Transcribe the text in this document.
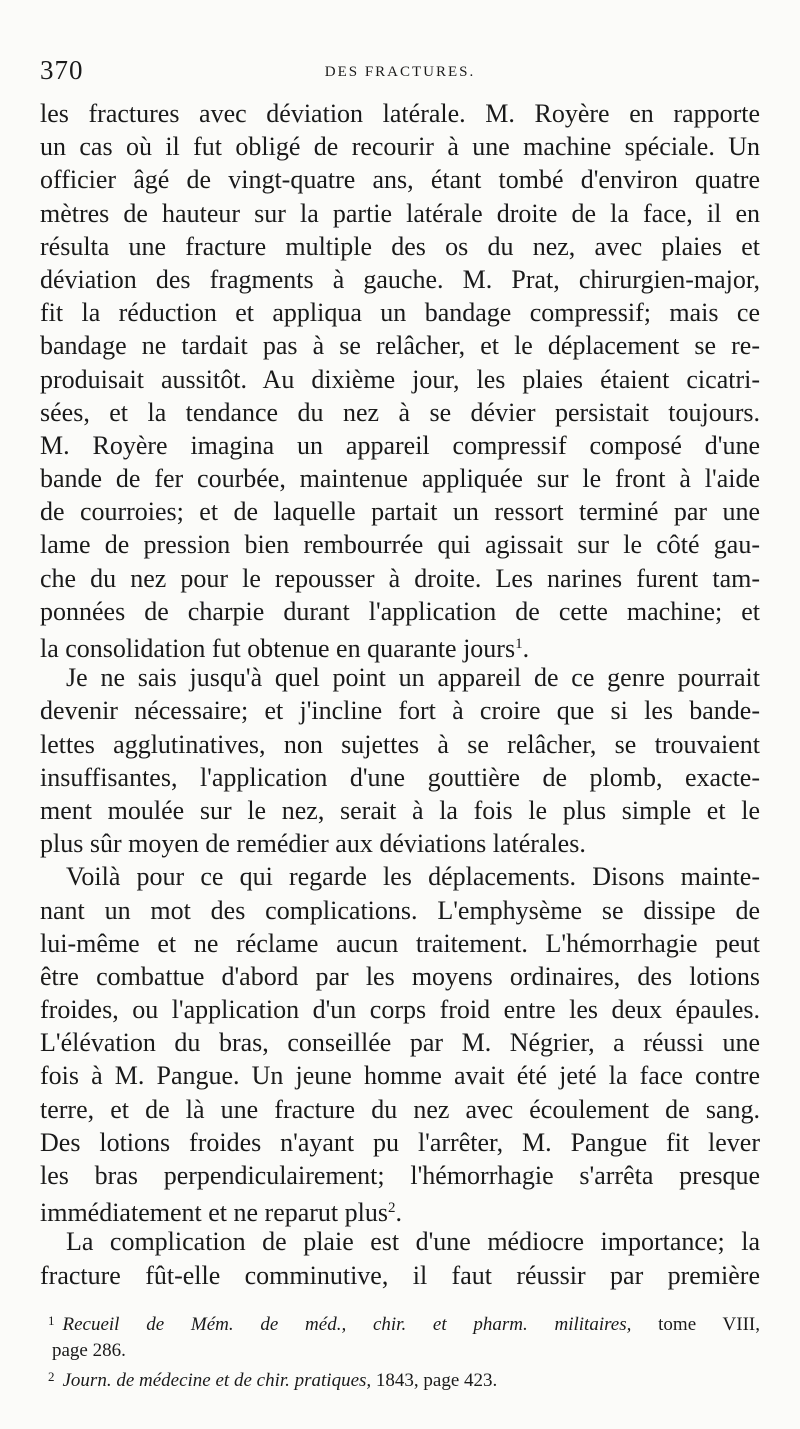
370	DES FRACTURES.
les fractures avec déviation latérale. M. Royère en rapporte
un cas où il fut obligé de recourir à une machine spéciale. Un
officier âgé de vingt-quatre ans, étant tombé d'environ quatre
mètres de hauteur sur la partie latérale droite de la face, il en
résulta une fracture multiple des os du nez, avec plaies et
déviation des fragments à gauche. M. Prat, chirurgien-major,
fit la réduction et appliqua un bandage compressif; mais ce
bandage ne tardait pas à se relâcher, et le déplacement se re-
produisait aussitôt. Au dixième jour, les plaies étaient cicatri-
sées, et la tendance du nez à se dévier persistait toujours.
M. Royère imagina un appareil compressif composé d'une
bande de fer courbée, maintenue appliquée sur le front à l'aide
de courroies; et de laquelle partait un ressort terminé par une
lame de pression bien rembourrée qui agissait sur le côté gau-
che du nez pour le repousser à droite. Les narines furent tam-
ponnées de charpie durant l'application de cette machine; et
la consolidation fut obtenue en quarante jours$^1$.
Je ne sais jusqu'à quel point un appareil de ce genre pourrait
devenir nécessaire; et j'incline fort à croire que si les bande-
lettes agglutinatives, non sujettes à se relâcher, se trouvaient
insuffisantes, l'application d'une gouttière de plomb, exacte-
ment moulée sur le nez, serait à la fois le plus simple et le
plus sûr moyen de remédier aux déviations latérales.
Voilà pour ce qui regarde les déplacements. Disons mainte-
nant un mot des complications. L'emphysème se dissipe de
lui-même et ne réclame aucun traitement. L'hémorrhagie peut
être combattue d'abord par les moyens ordinaires, des lotions
froides, ou l'application d'un corps froid entre les deux épaules.
L'élévation du bras, conseillée par M. Négrier, a réussi une
fois à M. Pangue. Un jeune homme avait été jeté la face contre
terre, et de là une fracture du nez avec écoulement de sang.
Des lotions froides n'ayant pu l'arrêter, M. Pangue fit lever
les bras perpendiculairement; l'hémorrhagie s'arrêta presque
immédiatement et ne reparut plus$^2$.
La complication de plaie est d'une médiocre importance; la
fracture fût-elle comminutive, il faut réussir par première
$^1$ Recueil de Mém. de méd., chir. et pharm. militaires, tome VIII,
page 286.
$^2$ Journ. de médecine et de chir. pratiques, 1843, page 423.
